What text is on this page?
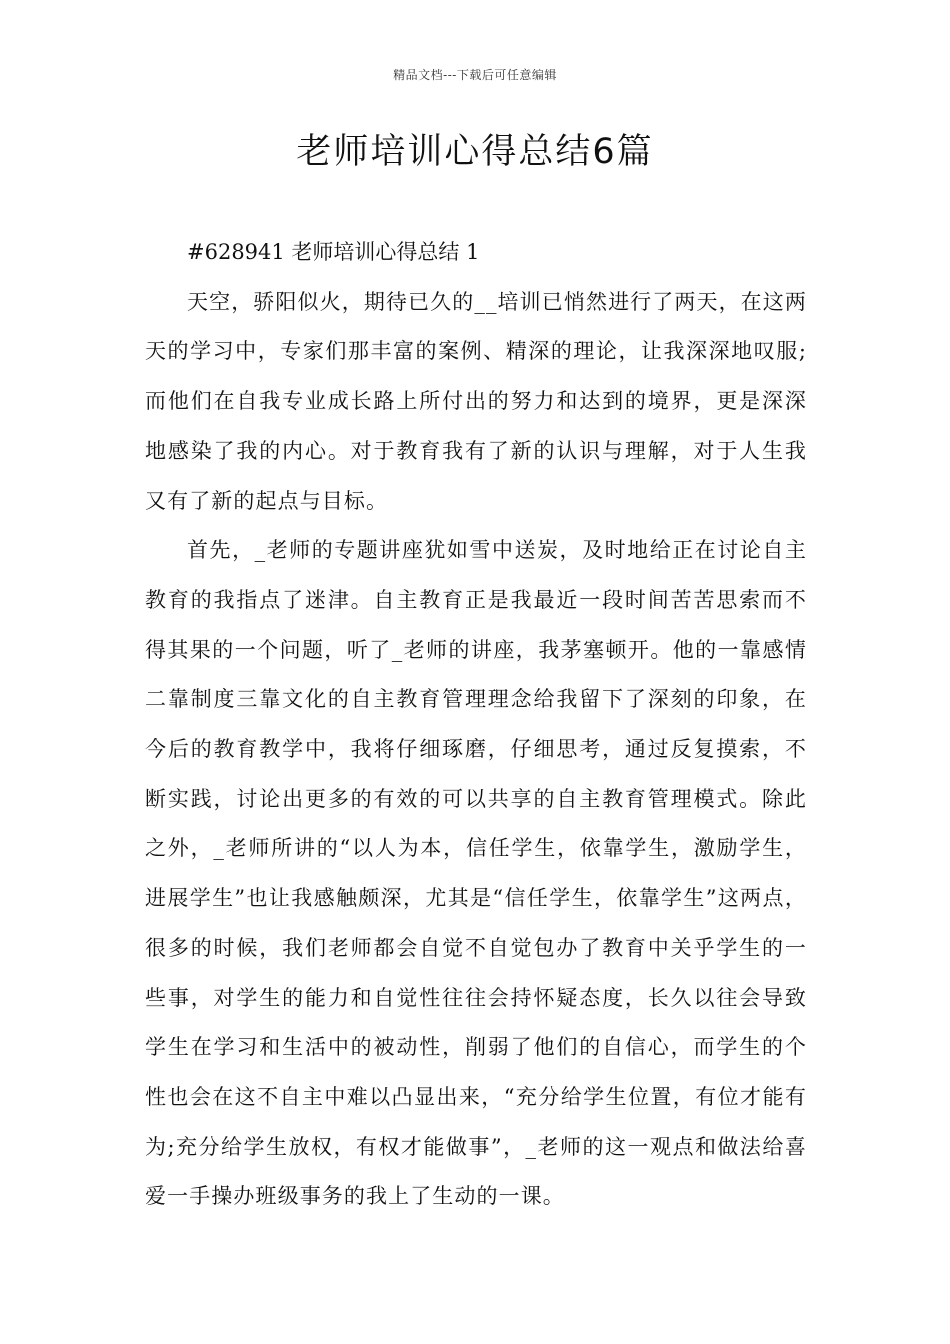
精品文档---下载后可任意编辑
老师培训心得总结6篇

#628941 老师培训心得总结 1

天空，骄阳似火，期待已久的__培训已悄然进行了两天，在这两天的学习中，专家们那丰富的案例、精深的理论，让我深深地叹服;而他们在自我专业成长路上所付出的努力和达到的境界，更是深深地感染了我的内心。对于教育我有了新的认识与理解，对于人生我又有了新的起点与目标。

首先，_老师的专题讲座犹如雪中送炭，及时地给正在讨论自主教育的我指点了迷津。自主教育正是我最近一段时间苦苦思索而不得其果的一个问题，听了_老师的讲座，我茅塞顿开。他的一靠感情二靠制度三靠文化的自主教育管理理念给我留下了深刻的印象，在今后的教育教学中，我将仔细琢磨，仔细思考，通过反复摸索，不断实践，讨论出更多的有效的可以共享的自主教育管理模式。除此之外，_老师所讲的“以人为本，信任学生，依靠学生，激励学生，进展学生”也让我感触颇深，尤其是“信任学生，依靠学生”这两点，很多的时候，我们老师都会自觉不自觉包办了教育中关乎学生的一些事，对学生的能力和自觉性往往会持怀疑态度，长久以往会导致学生在学习和生活中的被动性，削弱了他们的自信心，而学生的个性也会在这不自主中难以凸显出来，“充分给学生位置，有位才能有为;充分给学生放权，有权才能做事”，_老师的这一观点和做法给喜爱一手操办班级事务的我上了生动的一课。
